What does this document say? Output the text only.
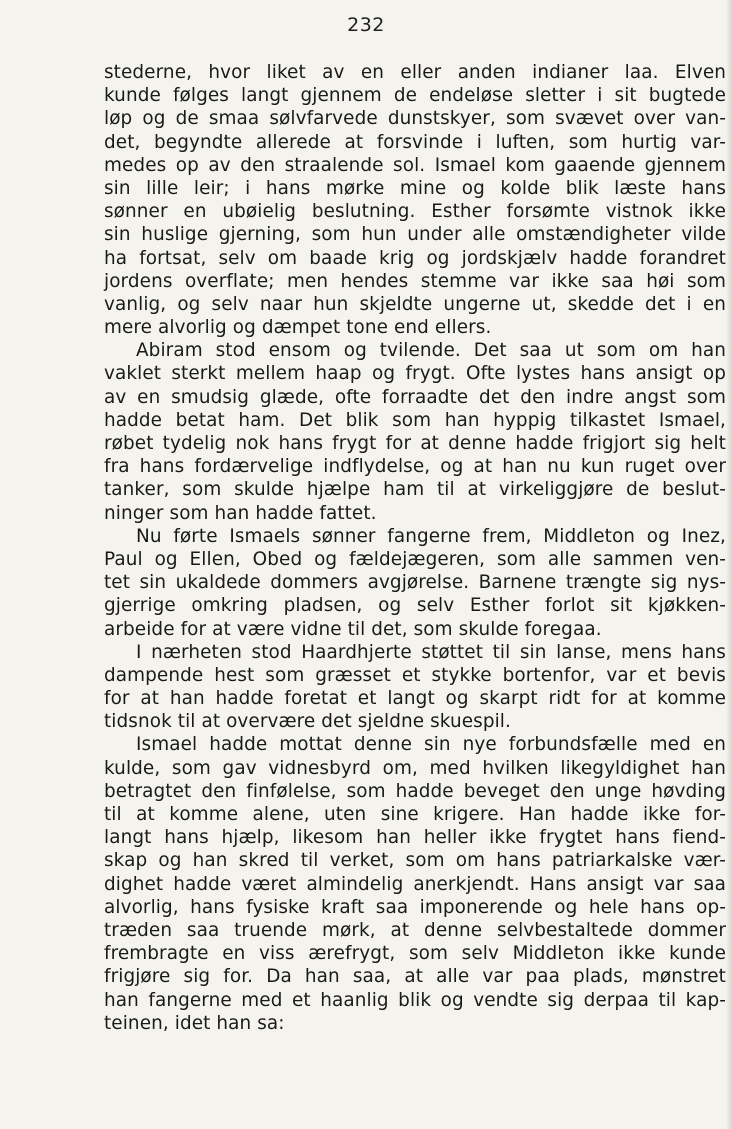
232
stederne, hvor liket av en eller anden indianer laa. Elven
kunde følges langt gjennem de endeløse sletter i sit bugtede
løp og de smaa sølvfarvede dunstskyer, som svævet over van-
det, begyndte allerede at forsvinde i luften, som hurtig var-
medes op av den straalende sol. Ismael kom gaaende gjennem
sin lille leir; i hans mørke mine og kolde blik læste hans
sønner en ubøielig beslutning. Esther forsømte vistnok ikke
sin huslige gjerning, som hun under alle omstændigheter vilde
ha fortsat, selv om baade krig og jordskjælv hadde forandret
jordens overflate; men hendes stemme var ikke saa høi som
vanlig, og selv naar hun skjeldte ungerne ut, skedde det i en
mere alvorlig og dæmpet tone end ellers.
Abiram stod ensom og tvilende. Det saa ut som om han
vaklet sterkt mellem haap og frygt. Ofte lystes hans ansigt op
av en smudsig glæde, ofte forraadte det den indre angst som
hadde betat ham. Det blik som han hyppig tilkastet Ismael,
røbet tydelig nok hans frygt for at denne hadde frigjort sig helt
fra hans fordærvelige indflydelse, og at han nu kun ruget over
tanker, som skulde hjælpe ham til at virkeliggjøre de beslut-
ninger som han hadde fattet.
Nu førte Ismaels sønner fangerne frem, Middleton og Inez,
Paul og Ellen, Obed og fældejægeren, som alle sammen ven-
tet sin ukaldede dommers avgjørelse. Barnene trængte sig nys-
gjerrige omkring pladsen, og selv Esther forlot sit kjøkken-
arbeide for at være vidne til det, som skulde foregaa.
I nærheten stod Haardhjerte støttet til sin lanse, mens hans
dampende hest som græsset et stykke bortenfor, var et bevis
for at han hadde foretat et langt og skarpt ridt for at komme
tidsnok til at overvære det sjeldne skuespil.
Ismael hadde mottat denne sin nye forbundsfælle med en
kulde, som gav vidnesbyrd om, med hvilken likegyldighet han
betragtet den finfølelse, som hadde beveget den unge høvding
til at komme alene, uten sine krigere. Han hadde ikke for-
langt hans hjælp, likesom han heller ikke frygtet hans fiend-
skap og han skred til verket, som om hans patriarkalske vær-
dighet hadde været almindelig anerkjendt. Hans ansigt var saa
alvorlig, hans fysiske kraft saa imponerende og hele hans op-
træden saa truende mørk, at denne selvbestaltede dommer
frembragte en viss ærefrygt, som selv Middleton ikke kunde
frigjøre sig for. Da han saa, at alle var paa plads, mønstret
han fangerne med et haanlig blik og vendte sig derpaa til kap-
teinen, idet han sa:
